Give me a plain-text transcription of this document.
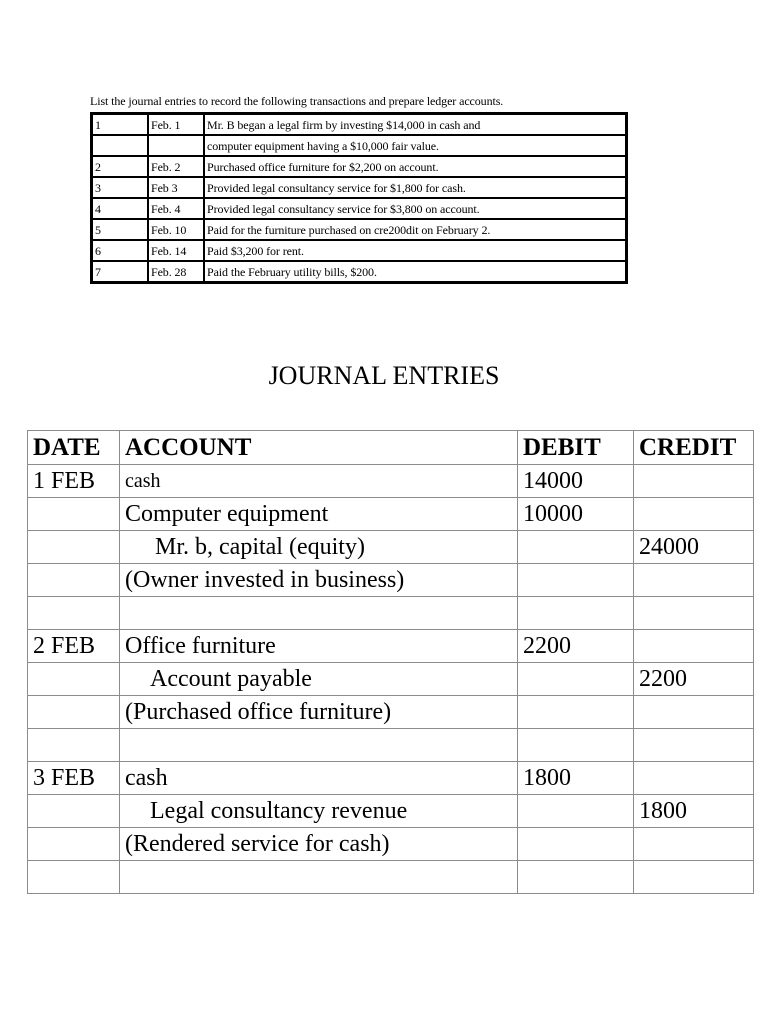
List the journal entries to record the following transactions and prepare ledger accounts.
1	Feb. 1	Mr. B began a legal firm by investing $14,000 in cash and
		computer equipment having a $10,000 fair value.
2	Feb. 2	Purchased office furniture for $2,200 on account.
3	Feb 3	Provided legal consultancy service for $1,800 for cash.
4	Feb. 4	Provided legal consultancy service for $3,800 on account.
5	Feb. 10	Paid for the furniture purchased on cre200dit on February 2.
6	Feb. 14	Paid $3,200 for rent.
7	Feb. 28	Paid the February utility bills, $200.
JOURNAL ENTRIES
DATE	ACCOUNT	DEBIT	CREDIT
1 FEB	cash	14000	
	Computer equipment	10000	
	Mr. b, capital (equity)		24000
	(Owner invested in business)		

2 FEB	Office furniture	2200	
	Account payable		2200
	(Purchased office furniture)		

3 FEB	cash	1800	
	Legal consultancy revenue		1800
	(Rendered service for cash)		
